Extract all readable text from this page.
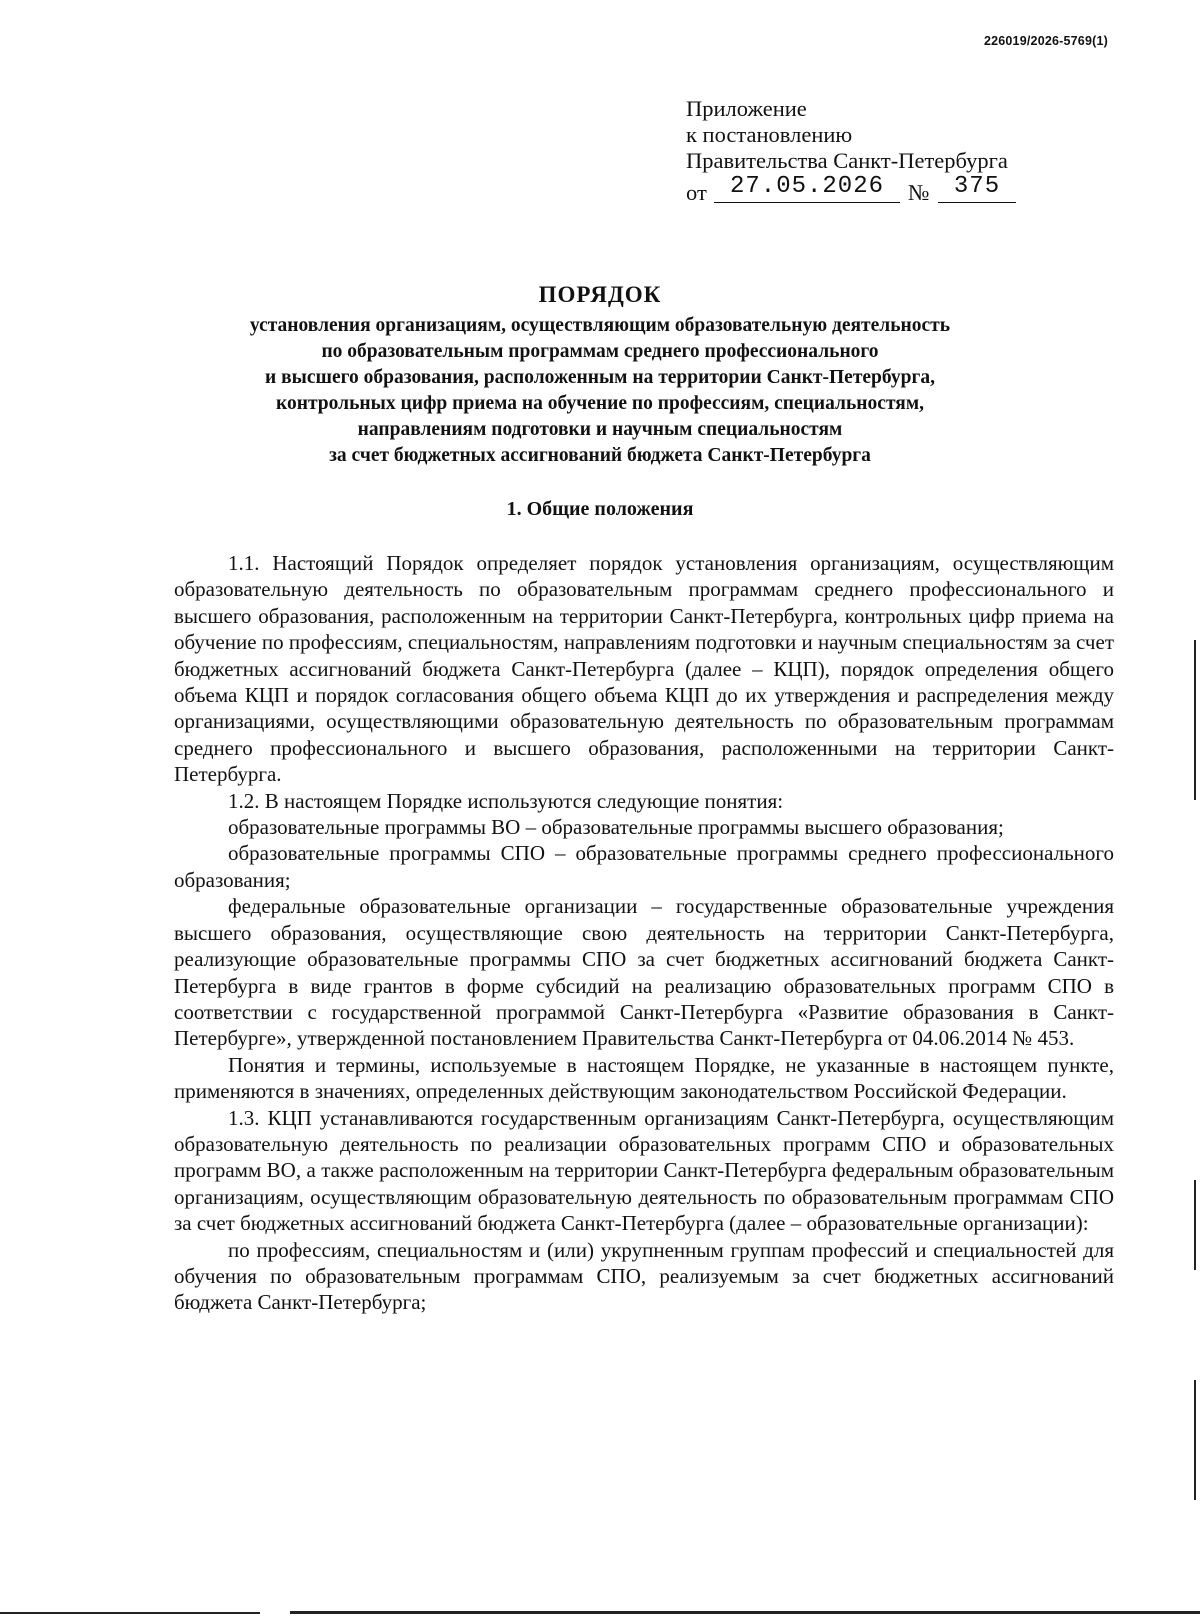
226019/2026-5769(1)
Приложение
к постановлению
Правительства Санкт-Петербурга
от 27.05.2026	№	375
ПОРЯДОК
установления организациям, осуществляющим образовательную деятельность
по образовательным программам среднего профессионального
и высшего образования, расположенным на территории Санкт-Петербурга,
контрольных цифр приема на обучение по профессиям, специальностям,
направлениям подготовки и научным специальностям
за счет бюджетных ассигнований бюджета Санкт-Петербурга
1. Общие положения

1.1. Настоящий Порядок определяет порядок установления организациям, осуществляющим образовательную деятельность по образовательным программам среднего профессионального и высшего образования, расположенным на территории Санкт-Петербурга, контрольных цифр приема на обучение по профессиям, специальностям, направлениям подготовки и научным специальностям за счет бюджетных ассигнований бюджета Санкт-Петербурга (далее – КЦП), порядок определения общего объема КЦП и порядок согласования общего объема КЦП до их утверждения и распределения между организациями, осуществляющими образовательную деятельность по образовательным программам среднего профессионального и высшего образования, расположенными на территории Санкт-Петербурга.

1.2. В настоящем Порядке используются следующие понятия:

образовательные программы ВО – образовательные программы высшего образования;

образовательные программы СПО – образовательные программы среднего профессионального образования;

федеральные образовательные организации – государственные образовательные учреждения высшего образования, осуществляющие свою деятельность на территории Санкт-Петербурга, реализующие образовательные программы СПО за счет бюджетных ассигнований бюджета Санкт-Петербурга в виде грантов в форме субсидий на реализацию образовательных программ СПО в соответствии с государственной программой Санкт-Петербурга «Развитие образования в Санкт-Петербурге», утвержденной постановлением Правительства Санкт-Петербурга от 04.06.2014 № 453.

Понятия и термины, используемые в настоящем Порядке, не указанные в настоящем пункте, применяются в значениях, определенных действующим законодательством Российской Федерации.

1.3. КЦП устанавливаются государственным организациям Санкт-Петербурга, осуществляющим образовательную деятельность по реализации образовательных программ СПО и образовательных программ ВО, а также расположенным на территории Санкт-Петербурга федеральным образовательным организациям, осуществляющим образовательную деятельность по образовательным программам СПО за счет бюджетных ассигнований бюджета Санкт-Петербурга (далее – образовательные организации):

по профессиям, специальностям и (или) укрупненным группам профессий и специальностей для обучения по образовательным программам СПО, реализуемым за счет бюджетных ассигнований бюджета Санкт-Петербурга;
